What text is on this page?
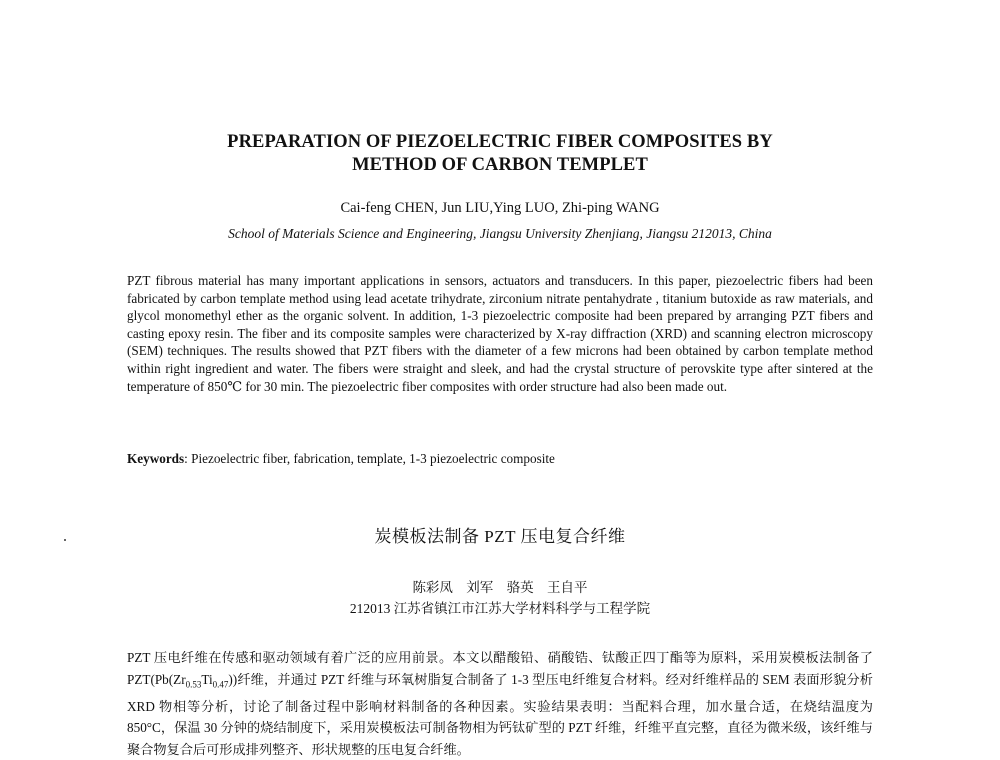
PREPARATION OF PIEZOELECTRIC FIBER COMPOSITES BY
METHOD OF CARBON TEMPLET
Cai-feng CHEN, Jun LIU,Ying LUO, Zhi-ping WANG
School of Materials Science and Engineering, Jiangsu University Zhenjiang, Jiangsu 212013, China

PZT fibrous material has many important applications in sensors, actuators and transducers. In this paper, piezoelectric fibers had been fabricated by carbon template method using lead acetate trihydrate, zirconium nitrate pentahydrate , titanium butoxide as raw materials, and glycol monomethyl ether as the organic solvent. In addition, 1-3 piezoelectric composite had been prepared by arranging PZT fibers and casting epoxy resin. The fiber and its composite samples were characterized by X-ray diffraction (XRD) and scanning electron microscopy (SEM) techniques. The results showed that PZT fibers with the diameter of a few microns had been obtained by carbon template method within right ingredient and water. The fibers were straight and sleek, and had the crystal structure of perovskite type after sintered at the temperature of 850℃ for 30 min. The piezoelectric fiber composites with order structure had also been made out.

Keywords: Piezoelectric fiber, fabrication, template, 1-3 piezoelectric composite
炭模板法制备 PZT 压电复合纤维
陈彩凤 刘军 骆英 王自平
212013 江苏省镇江市江苏大学材料科学与工程学院

PZT 压电纤维在传感和驱动领域有着广泛的应用前景。本文以醋酸铅、硝酸锆、钛酸正四丁酯等为原料，采用炭模板法制备了 $PZT(Pb(Zr_{0.53}Ti_{0.47}))$纤维，并通过 PZT 纤维与环氧树脂复合制备了 1-3 型压电纤维复合材料。经对纤维样品的 SEM 表面形貌分析 XRD 物相等分析，讨论了制备过程中影响材料制备的各种因素。实验结果表明：当配料合理，加水量合适，在烧结温度为 850°C，保温 30 分钟的烧结制度下，采用炭模板法可制备物相为钙钛矿型的 PZT 纤维，纤维平直完整，直径为微米级，该纤维与聚合物复合后可形成排列整齐、形状规整的压电复合纤维。
